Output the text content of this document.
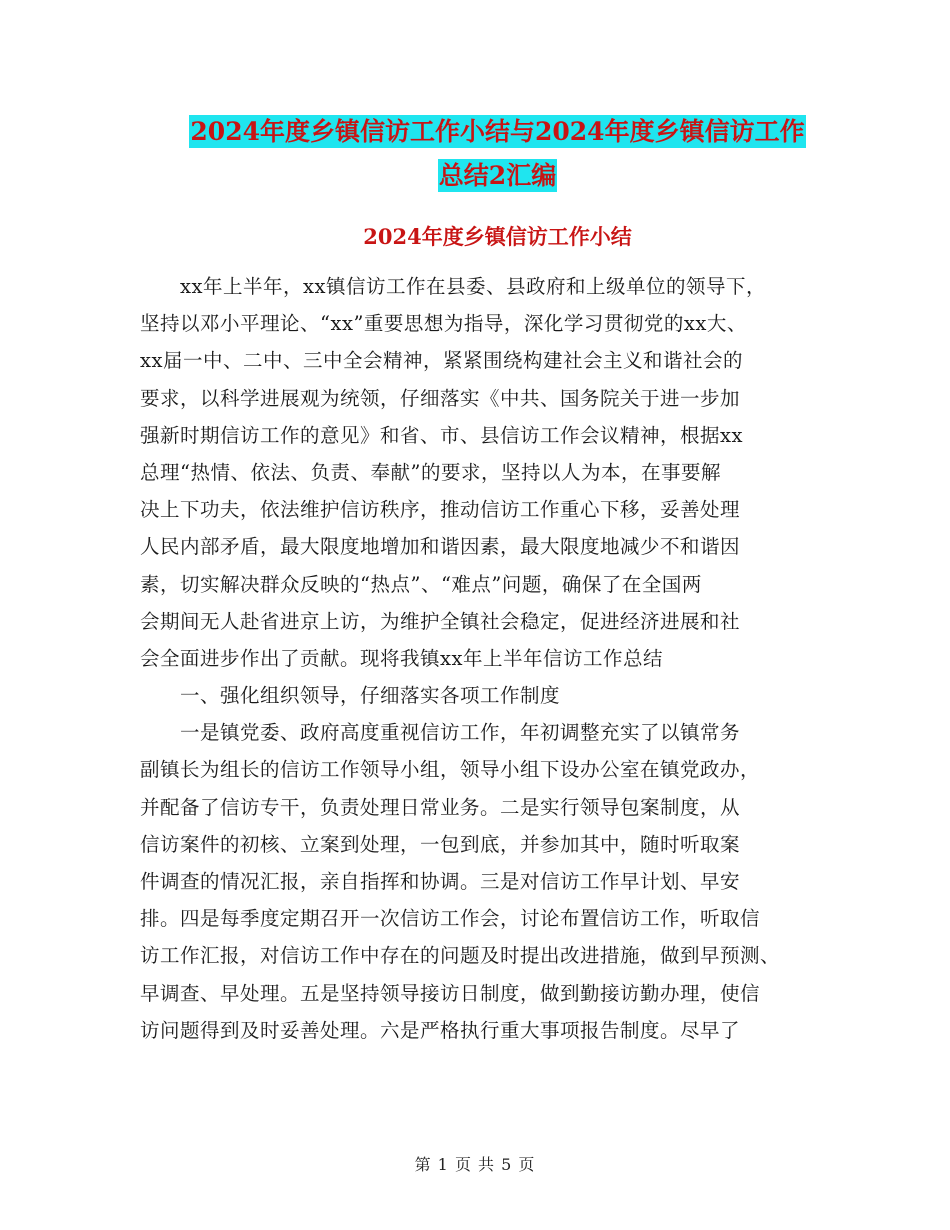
2024年度乡镇信访工作小结与2024年度乡镇信访工作
总结2汇编
2024年度乡镇信访工作小结
　　xx年上半年，xx镇信访工作在县委、县政府和上级单位的领导下，
坚持以邓小平理论、“xx”重要思想为指导，深化学习贯彻党的xx大、
xx届一中、二中、三中全会精神，紧紧围绕构建社会主义和谐社会的
要求，以科学进展观为统领，仔细落实《中共、国务院关于进一步加
强新时期信访工作的意见》和省、市、县信访工作会议精神，根据xx
总理“热情、依法、负责、奉献”的要求，坚持以人为本，在事要解
决上下功夫，依法维护信访秩序，推动信访工作重心下移，妥善处理
人民内部矛盾，最大限度地增加和谐因素，最大限度地减少不和谐因
素，切实解决群众反映的“热点”、“难点”问题，确保了在全国两
会期间无人赴省进京上访，为维护全镇社会稳定，促进经济进展和社
会全面进步作出了贡献。现将我镇xx年上半年信访工作总结
　　一、强化组织领导，仔细落实各项工作制度
　　一是镇党委、政府高度重视信访工作，年初调整充实了以镇常务
副镇长为组长的信访工作领导小组，领导小组下设办公室在镇党政办，
并配备了信访专干，负责处理日常业务。二是实行领导包案制度，从
信访案件的初核、立案到处理，一包到底，并参加其中，随时听取案
件调查的情况汇报，亲自指挥和协调。三是对信访工作早计划、早安
排。四是每季度定期召开一次信访工作会，讨论布置信访工作，听取信
访工作汇报，对信访工作中存在的问题及时提出改进措施，做到早预测、
早调查、早处理。五是坚持领导接访日制度，做到勤接访勤办理，使信
访问题得到及时妥善处理。六是严格执行重大事项报告制度。尽早了
第 1 页 共 5 页
